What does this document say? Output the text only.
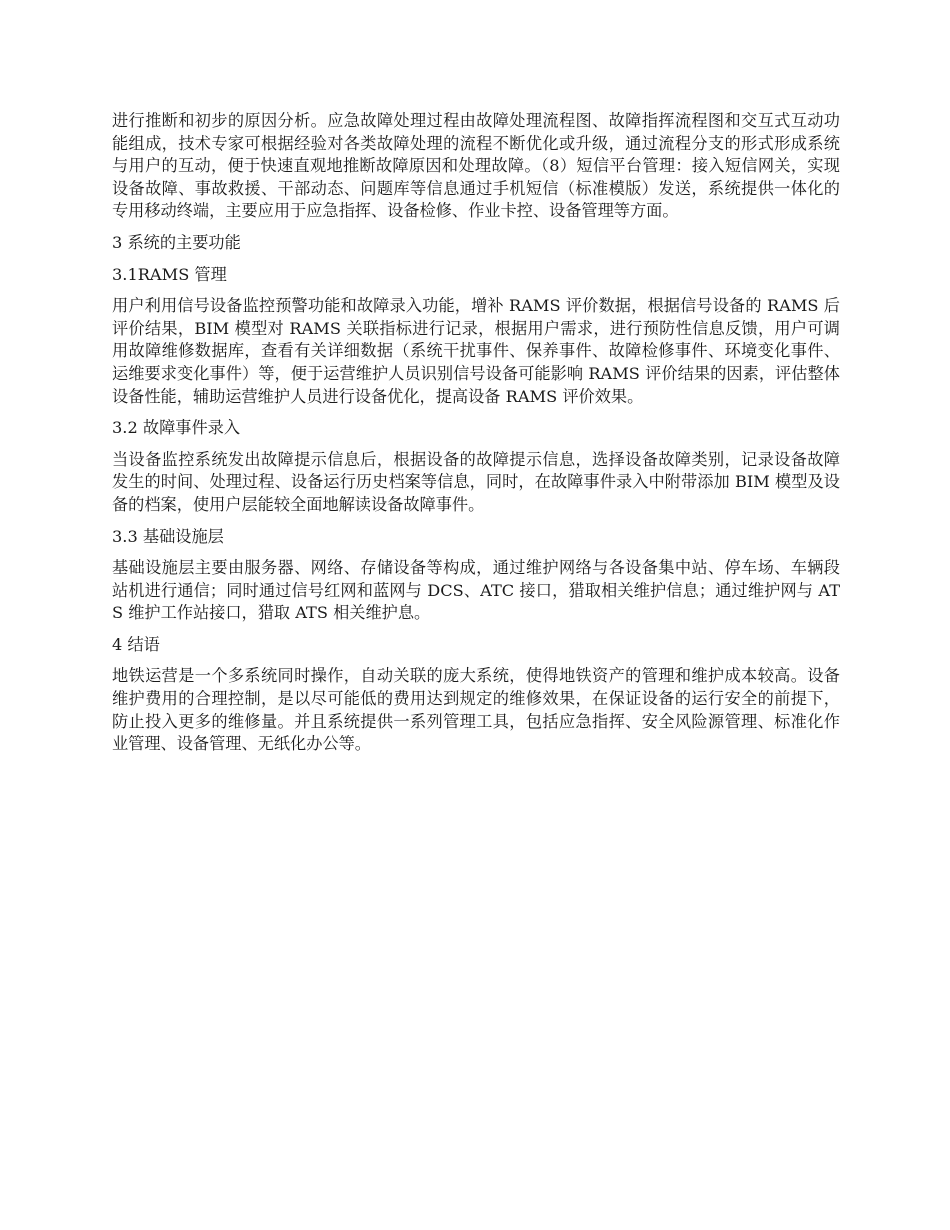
进行推断和初步的原因分析。应急故障处理过程由故障处理流程图、故障指挥流程图和交互式互动功能组成，技术专家可根据经验对各类故障处理的流程不断优化或升级，通过流程分支的形式形成系统与用户的互动，便于快速直观地推断故障原因和处理故障。（8）短信平台管理：接入短信网关，实现设备故障、事故救援、干部动态、问题库等信息通过手机短信（标准模版）发送，系统提供一体化的专用移动终端，主要应用于应急指挥、设备检修、作业卡控、设备管理等方面。

3 系统的主要功能

3.1RAMS 管理

用户利用信号设备监控预警功能和故障录入功能，增补 RAMS 评价数据，根据信号设备的 RAMS 后评价结果，BIM 模型对 RAMS 关联指标进行记录，根据用户需求，进行预防性信息反馈，用户可调用故障维修数据库，查看有关详细数据（系统干扰事件、保养事件、故障检修事件、环境变化事件、运维要求变化事件）等，便于运营维护人员识别信号设备可能影响 RAMS 评价结果的因素，评估整体设备性能，辅助运营维护人员进行设备优化，提高设备 RAMS 评价效果。

3.2 故障事件录入

当设备监控系统发出故障提示信息后，根据设备的故障提示信息，选择设备故障类别，记录设备故障发生的时间、处理过程、设备运行历史档案等信息，同时，在故障事件录入中附带添加 BIM 模型及设备的档案，使用户层能较全面地解读设备故障事件。

3.3 基础设施层

基础设施层主要由服务器、网络、存储设备等构成，通过维护网络与各设备集中站、停车场、车辆段站机进行通信；同时通过信号红网和蓝网与 DCS、ATC 接口，猎取相关维护信息；通过维护网与 ATS 维护工作站接口，猎取 ATS 相关维护息。

4 结语

地铁运营是一个多系统同时操作，自动关联的庞大系统，使得地铁资产的管理和维护成本较高。设备维护费用的合理控制，是以尽可能低的费用达到规定的维修效果，在保证设备的运行安全的前提下，防止投入更多的维修量。并且系统提供一系列管理工具，包括应急指挥、安全风险源管理、标准化作业管理、设备管理、无纸化办公等。
